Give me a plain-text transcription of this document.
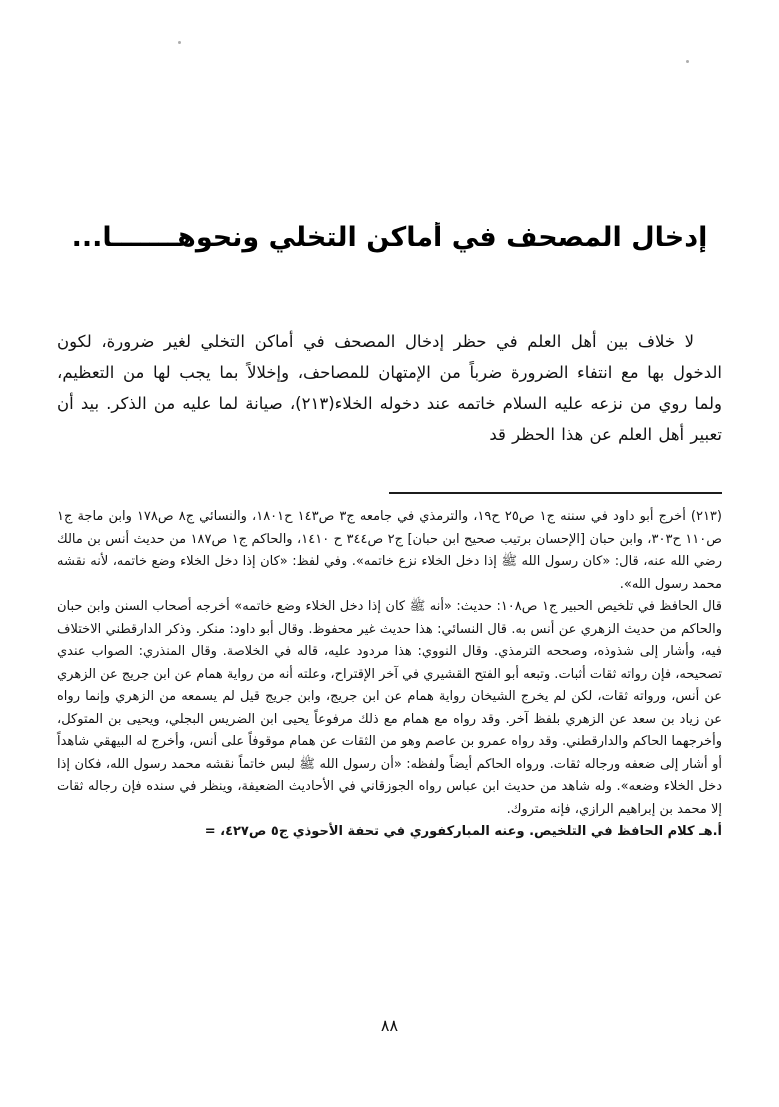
إدخال المصحف في أماكن التخلي ونحوهـــــــا...

لا خلاف بين أهل العلم في حظر إدخال المصحف في أماكن التخلي لغير ضرورة، لكون الدخول بها مع انتفاء الضرورة ضرباً من الإمتهان للمصاحف، وإخلالاً بما يجب لها من التعظيم، ولما روي من نزعه عليه السلام خاتمه عند دخوله الخلاء(٢١٣)، صيانة لما عليه من الذكر. بيد أن تعبير أهل العلم عن هذا الحظر قد

(٢١٣) أخرج أبو داود في سننه ج١ ص٢٥ ح١٩، والترمذي في جامعه ج٣ ص١٤٣ ح١٨٠١، والنسائي ج٨ ص١٧٨ وابن ماجة ج١ ص١١٠ ح٣٠٣، وابن حبان [الإحسان برتيب صحيح ابن حبان] ج٢ ص٣٤٤ ح ١٤١٠، والحاكم ج١ ص١٨٧ من حديث أنس بن مالك رضي الله عنه، قال: «كان رسول الله ﷺ إذا دخل الخلاء نزع خاتمه». وفي لفظ: «كان إذا دخل الخلاء وضع خاتمه، لأنه نقشه محمد رسول الله».

قال الحافظ في تلخيص الحبير ج١ ص١٠٨: حديث: «أنه ﷺ كان إذا دخل الخلاء وضع خاتمه» أخرجه أصحاب السنن وابن حبان والحاكم من حديث الزهري عن أنس به. قال النسائي: هذا حديث غير محفوظ. وقال أبو داود: منكر. وذكر الدارقطني الاختلاف فيه، وأشار إلى شذوذه، وصححه الترمذي. وقال النووي: هذا مردود عليه، قاله في الخلاصة. وقال المنذري: الصواب عندي تصحيحه، فإن رواته ثقات أثبات. وتبعه أبو الفتح القشيري في آخر الإقتراح، وعلته أنه من رواية همام عن ابن جريج عن الزهري عن أنس، ورواته ثقات، لكن لم يخرج الشيخان رواية همام عن ابن جريج، وابن جريج قيل لم يسمعه من الزهري وإنما رواه عن زياد بن سعد عن الزهري بلفظ آخر. وقد رواه مع همام مع ذلك مرفوعاً يحيى ابن الضريس البجلي، ويحيى بن المتوكل، وأخرجهما الحاكم والدارقطني. وقد رواه عمرو بن عاصم وهو من الثقات عن همام موقوفاً على أنس، وأخرج له البيهقي شاهداً أو أشار إلى ضعفه ورجاله ثقات. ورواه الحاكم أيضاً ولفظه: «أن رسول الله ﷺ لبس خاتماً نقشه محمد رسول الله، فكان إذا دخل الخلاء وضعه». وله شاهد من حديث ابن عباس رواه الجوزقاني في الأحاديث الضعيفة، وينظر في سنده فإن رجاله ثقات إلا محمد بن إبراهيم الرازي، فإنه متروك.

أ.هـ كلام الحافظ في التلخيص. وعنه المباركفوري في تحفة الأحوذي ج٥ ص٤٢٧، =

٨٨
